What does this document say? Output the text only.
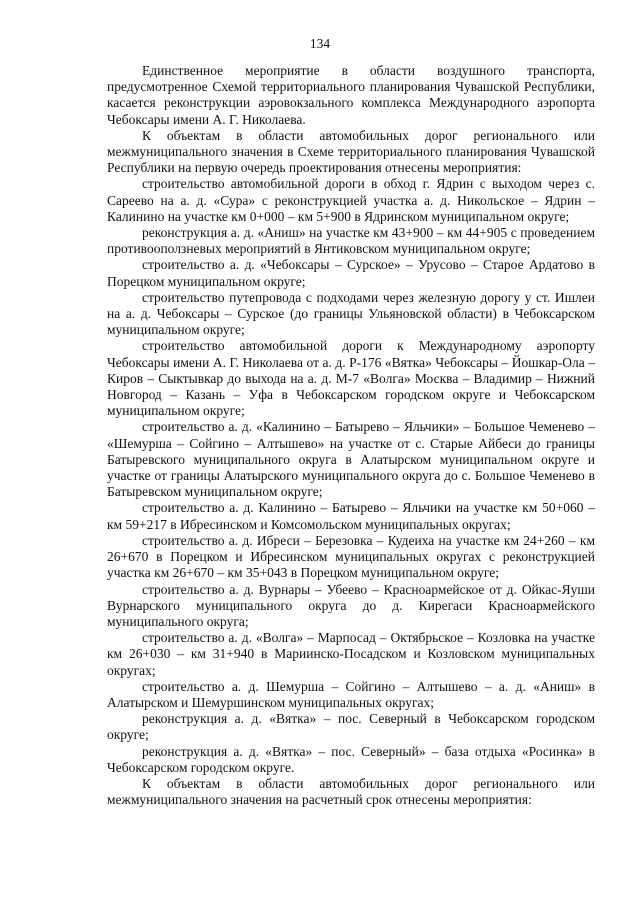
134

Единственное мероприятие в области воздушного транспорта, предусмотренное Схемой территориального планирования Чувашской Республики, касается реконструкции аэровокзального комплекса Международного аэропорта Чебоксары имени А. Г. Николаева.

К объектам в области автомобильных дорог регионального или межмуниципального значения в Схеме территориального планирования Чувашской Республики на первую очередь проектирования отнесены мероприятия:

строительство автомобильной дороги в обход г. Ядрин с выходом через с. Сареево на а. д. «Сура» с реконструкцией участка а. д. Никольское – Ядрин – Калинино на участке км 0+000 – км 5+900 в Ядринском муниципальном округе;

реконструкция а. д. «Аниш» на участке км 43+900 – км 44+905 с проведением противооползневых мероприятий в Янтиковском муниципальном округе;

строительство а. д. «Чебоксары – Сурское» – Урусово – Старое Ардатово в Порецком муниципальном округе;

строительство путепровода с подходами через железную дорогу у ст. Ишлеи на а. д. Чебоксары – Сурское (до границы Ульяновской области) в Чебоксарском муниципальном округе;

строительство автомобильной дороги к Международному аэропорту Чебоксары имени А. Г. Николаева от а. д. Р-176 «Вятка» Чебоксары – Йошкар-Ола – Киров – Сыктывкар до выхода на а. д. М-7 «Волга» Москва – Владимир – Нижний Новгород – Казань – Уфа в Чебоксарском городском округе и Чебоксарском муниципальном округе;

строительство а. д. «Калинино – Батырево – Яльчики» – Большое Чеменево – «Шемурша – Сойгино – Алтышево» на участке от с. Старые Айбеси до границы Батыревского муниципального округа в Алатырском муниципальном округе и участке от границы Алатырского муниципального округа до с. Большое Чеменево в Батыревском муниципальном округе;

строительство а. д. Калинино – Батырево – Яльчики на участке км 50+060 – км 59+217 в Ибресинском и Комсомольском муниципальных округах;

строительство а. д. Ибреси – Березовка – Кудеиха на участке км 24+260 – км 26+670 в Порецком и Ибресинском муниципальных округах с реконструкцией участка км 26+670 – км 35+043 в Порецком муниципальном округе;

строительство а. д. Вурнары – Убеево – Красноармейское от д. Ойкас-Яуши Вурнарского муниципального округа до д. Кирегаси Красноармейского муниципального округа;

строительство а. д. «Волга» – Марпосад – Октябрьское – Козловка на участке км 26+030 – км 31+940 в Мариинско-Посадском и Козловском муниципальных округах;

строительство а. д. Шемурша – Сойгино – Алтышево – а. д. «Аниш» в Алатырском и Шемуршинском муниципальных округах;

реконструкция а. д. «Вятка» – пос. Северный в Чебоксарском городском округе;

реконструкция а. д. «Вятка» – пос. Северный» – база отдыха «Росинка» в Чебоксарском городском округе.

К объектам в области автомобильных дорог регионального или межмуниципального значения на расчетный срок отнесены мероприятия:
